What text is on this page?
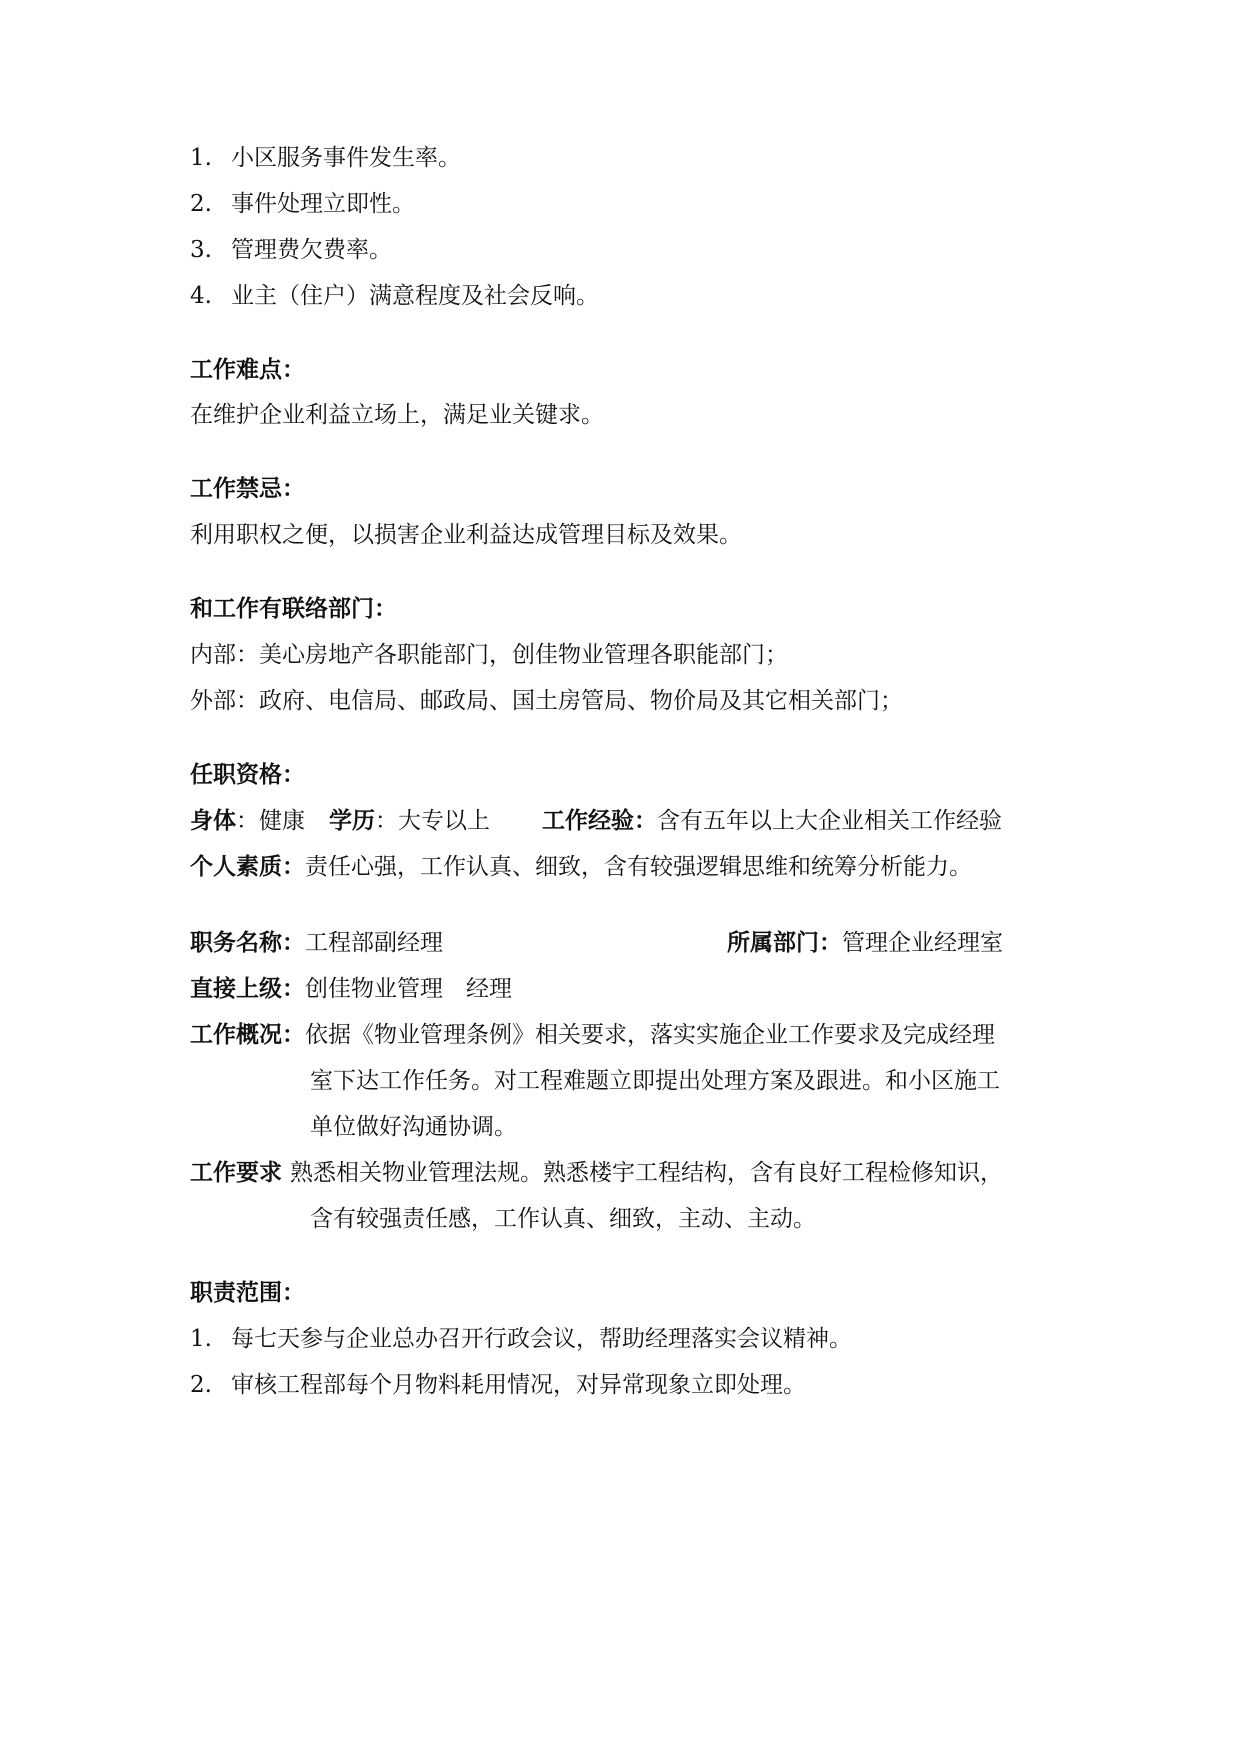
1. 小区服务事件发生率。
2. 事件处理立即性。
3. 管理费欠费率。
4. 业主（住户）满意程度及社会反响。
工作难点：
在维护企业利益立场上，满足业关键求。
工作禁忌：
利用职权之便，以损害企业利益达成管理目标及效果。
和工作有联络部门：
内部：美心房地产各职能部门，创佳物业管理各职能部门；
外部：政府、电信局、邮政局、国土房管局、物价局及其它相关部门；
任职资格：
身体：健康 学历：大专以上 工作经验：含有五年以上大企业相关工作经验
个人素质：责任心强，工作认真、细致，含有较强逻辑思维和统筹分析能力。
职务名称：工程部副经理	所属部门：管理企业经理室
直接上级：创佳物业管理　经理
工作概况：依据《物业管理条例》相关要求，落实实施企业工作要求及完成经理
室下达工作任务。对工程难题立即提出处理方案及跟进。和小区施工
单位做好沟通协调。
工作要求 熟悉相关物业管理法规。熟悉楼宇工程结构，含有良好工程检修知识，
含有较强责任感，工作认真、细致，主动、主动。
职责范围：
1. 每七天参与企业总办召开行政会议，帮助经理落实会议精神。
2. 审核工程部每个月物料耗用情况，对异常现象立即处理。
